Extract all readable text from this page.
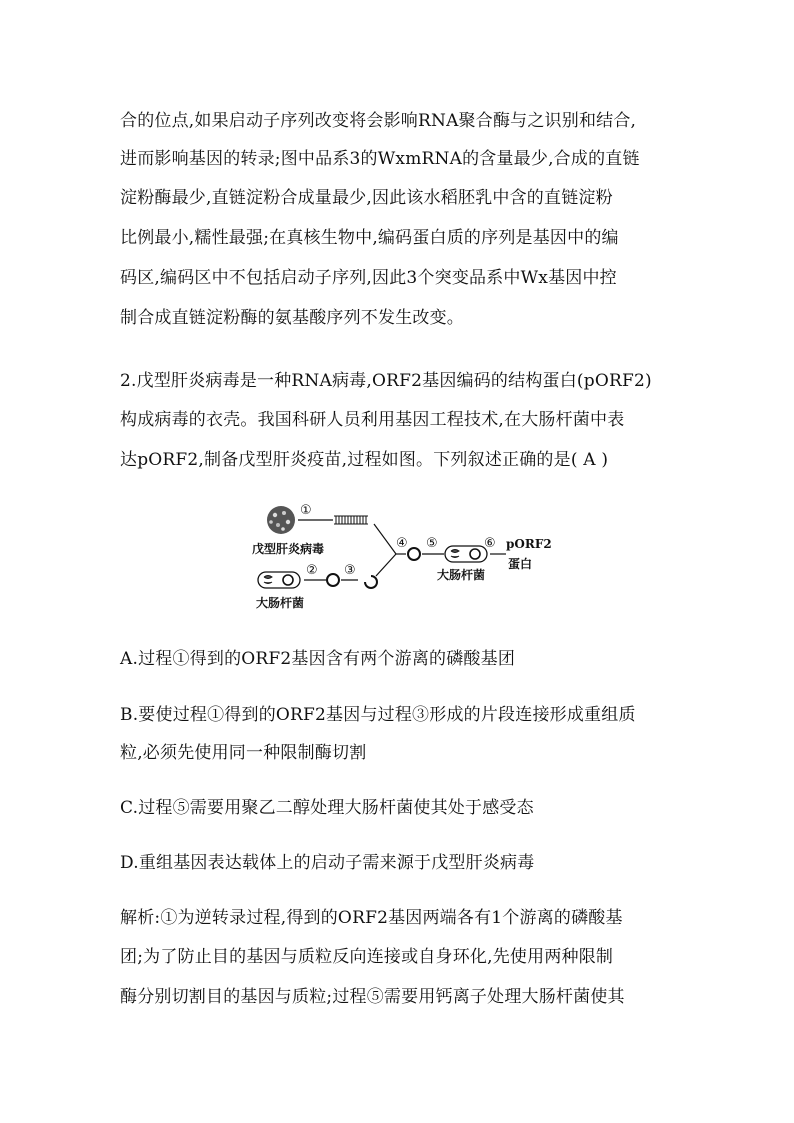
合的位点,如果启动子序列改变将会影响RNA聚合酶与之识别和结合,
进而影响基因的转录;图中品系3的WxmRNA的含量最少,合成的直链
淀粉酶最少,直链淀粉合成量最少,因此该水稻胚乳中含的直链淀粉
比例最小,糯性最强;在真核生物中,编码蛋白质的序列是基因中的编
码区,编码区中不包括启动子序列,因此3个突变品系中Wx基因中控
制合成直链淀粉酶的氨基酸序列不发生改变。
2.戊型肝炎病毒是一种RNA病毒,ORF2基因编码的结构蛋白(pORF2)
构成病毒的衣壳。我国科研人员利用基因工程技术,在大肠杆菌中表
达pORF2,制备戊型肝炎疫苗,过程如图。下列叙述正确的是( A )
①
戊型肝炎病毒
② ③
大肠杆菌
④ ⑤
大肠杆菌
⑥ pORF2
蛋白
A.过程①得到的ORF2基因含有两个游离的磷酸基团
B.要使过程①得到的ORF2基因与过程③形成的片段连接形成重组质
粒,必须先使用同一种限制酶切割
C.过程⑤需要用聚乙二醇处理大肠杆菌使其处于感受态
D.重组基因表达载体上的启动子需来源于戊型肝炎病毒
解析:①为逆转录过程,得到的ORF2基因两端各有1个游离的磷酸基
团;为了防止目的基因与质粒反向连接或自身环化,先使用两种限制
酶分别切割目的基因与质粒;过程⑤需要用钙离子处理大肠杆菌使其
